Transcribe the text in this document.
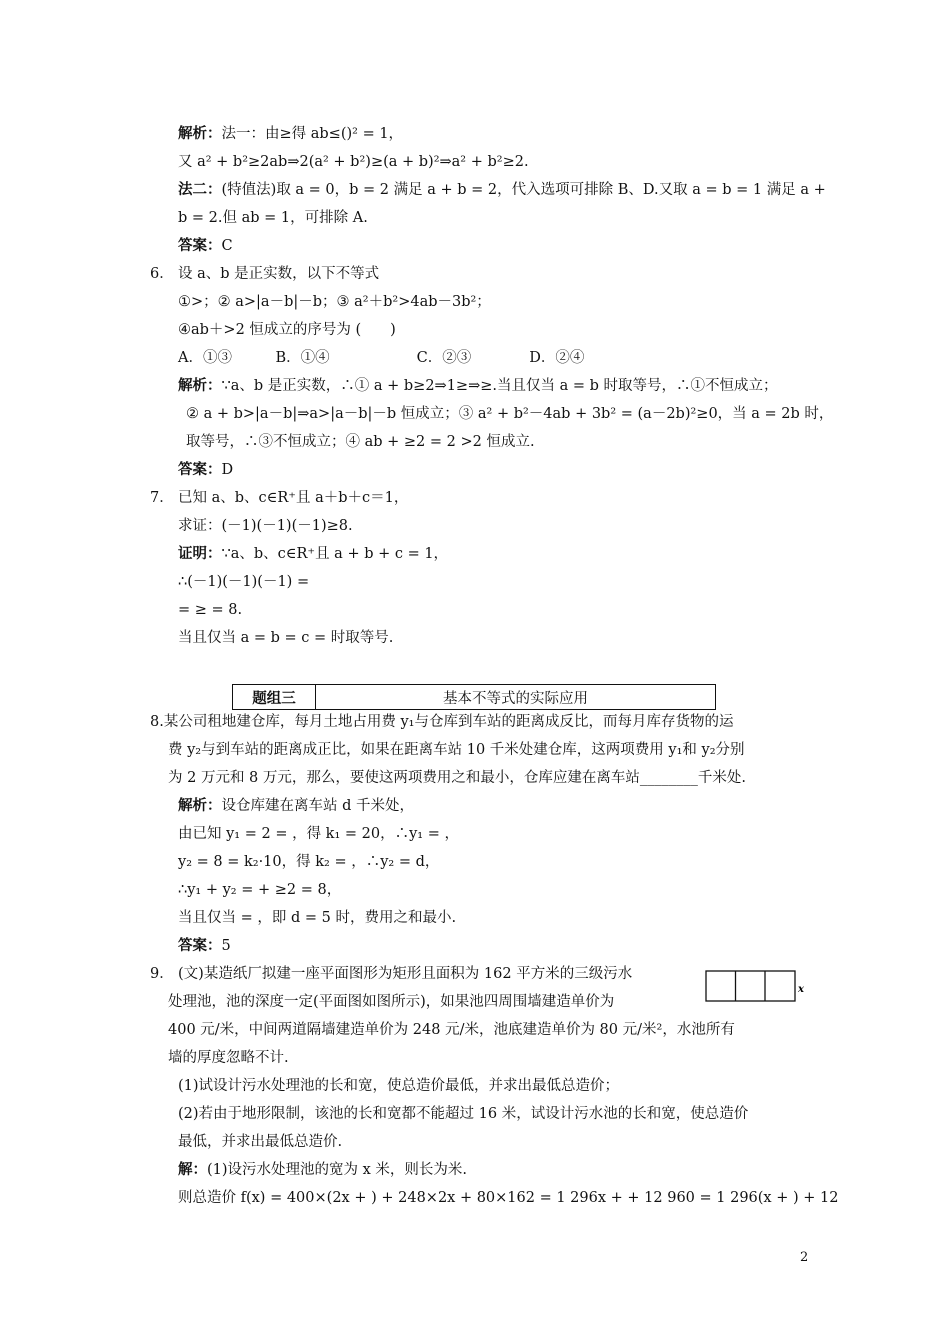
解析：法一：由≥得 ab≤()² = 1，
又 a² + b²≥2ab⇒2(a² + b²)≥(a + b)²⇒a² + b²≥2.
法二：(特值法)取 a = 0，b = 2 满足 a + b = 2，代入选项可排除 B、D.又取 a = b = 1 满足 a +
b = 2.但 ab = 1，可排除 A.
答案：C
设 a、b 是正实数，以下不等式
①>；② a>|a－b|－b；③ a²＋b²>4ab－3b²；
④ab＋>2 恒成立的序号为 (　　)
A．①③　　　B．①④　　　　　　C．②③　　　　D．②④
解析：∵a、b 是正实数，∴① a + b≥2⇒1≥⇒≥.当且仅当 a = b 时取等号，∴①不恒成立；
② a + b>|a－b|⇒a>|a－b|－b 恒成立；③ a² + b²－4ab + 3b² = (a－2b)²≥0，当 a = 2b 时，
取等号，∴③不恒成立；④ ab + ≥2 = 2 >2 恒成立.
答案：D
已知 a、b、c∈R⁺且 a＋b＋c＝1，
求证：(－1)(－1)(－1)≥8.
证明：∵a、b、c∈R⁺且 a + b + c = 1，
∴(－1)(－1)(－1) =
= ≥ = 8.
当且仅当 a = b = c = 时取等号.
8.某公司租地建仓库，每月土地占用费 y₁与仓库到车站的距离成反比，而每月库存货物的运
费 y₂与到车站的距离成正比，如果在距离车站 10 千米处建仓库，这两项费用 y₁和 y₂分别
为 2 万元和 8 万元，那么，要使这两项费用之和最小，仓库应建在离车站________千米处.
解析：设仓库建在离车站 d 千米处，
由已知 y₁ = 2 = ，得 k₁ = 20，∴y₁ = ，
y₂ = 8 = k₂·10，得 k₂ = ，∴y₂ = d，
∴y₁ + y₂ = + ≥2 = 8，
当且仅当 = ，即 d = 5 时，费用之和最小.
答案：5
(文)某造纸厂拟建一座平面图形为矩形且面积为 162 平方米的三级污水
处理池，池的深度一定(平面图如图所示)，如果池四周围墙建造单价为
400 元/米，中间两道隔墙建造单价为 248 元/米，池底建造单价为 80 元/米²，水池所有
墙的厚度忽略不计.
(1)试设计污水处理池的长和宽，使总造价最低，并求出最低总造价；
(2)若由于地形限制，该池的长和宽都不能超过 16 米，试设计污水池的长和宽，使总造价
最低，并求出最低总造价.
解：(1)设污水处理池的宽为 x 米，则长为米.
则总造价 f(x) = 400×(2x + ) + 248×2x + 80×162 = 1 296x + + 12 960 = 1 296(x + ) + 12
6．
7．
9．
题组三	基本不等式的实际应用
x
2
